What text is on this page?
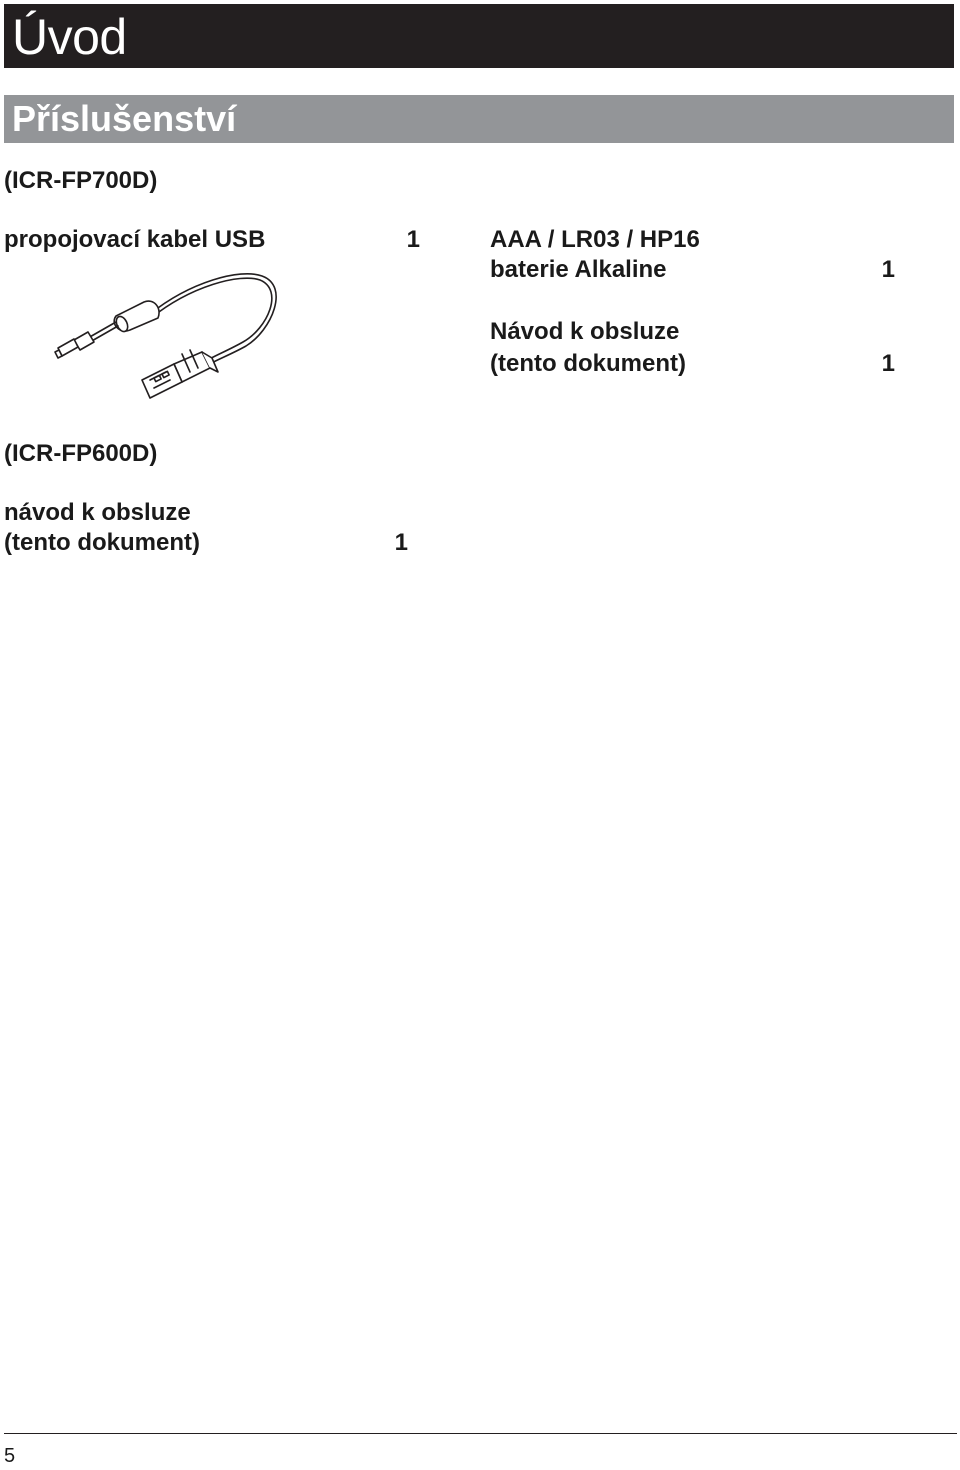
Úvod
Příslušenství
(ICR-FP700D)
propojovací kabel USB	1	AAA / LR03 / HP16
baterie Alkaline	1
Návod k obsluze
(tento dokument)	1
(ICR-FP600D)
návod k obsluze
(tento dokument)	1
5
